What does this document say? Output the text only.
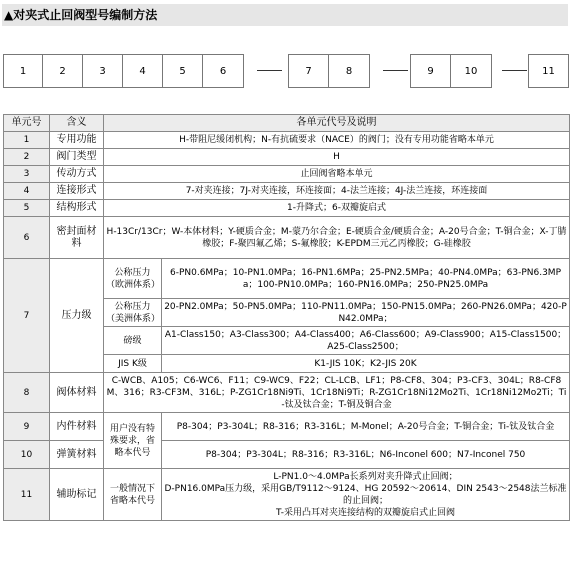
▲对夹式止回阀型号编制方法
1	2	3	4	5	6	7	8	9	10	11
单元号	含义	各单元代号及说明	
1	专用功能	H-带阻尼缓闭机构；N-有抗硫要求（NACE）的阀门；没有专用功能省略本单元	
2	阀门类型	H	
3	传动方式	止回阀省略本单元	
4	连接形式	7-对夹连接；7J-对夹连接，环连接面；4-法兰连接；4J-法兰连接，环连接面	
5	结构形式	1-升降式；6-双瓣旋启式	
6	密封面材料	H-13Cr/13Cr；W-本体材料；Y-硬质合金；M-蒙乃尔合金；E-硬质合金/硬质合金；A-20号合金；T-铜合金；X-丁腈橡胶；F-聚四氟乙烯；S-氟橡胶；K-EPDM三元乙丙橡胶；G-硅橡胶	
7	压力级	公称压力（欧洲体系）	6-PN0.6MPa；10-PN1.0MPa；16-PN1.6MPa；25-PN2.5MPa；40-PN4.0MPa；63-PN6.3MPa；100-PN10.0MPa；160-PN16.0MPa；250-PN25.0MPa
		公称压力（美洲体系）	20-PN2.0MPa；50-PN5.0MPa；110-PN11.0MPa；150-PN15.0MPa；260-PN26.0MPa；420-PN42.0MPa；
		磅级	A1-Class150；A3-Class300；A4-Class400；A6-Class600；A9-Class900；A15-Class1500；A25-Class2500；
		JIS K级	K1-JIS 10K；K2-JIS 20K
8	阀体材料	C-WCB、A105；C6-WC6、F11；C9-WC9、F22；CL-LCB、LF1；P8-CF8、304；P3-CF3、304L；R8-CF8M、316；R3-CF3M、316L；P-ZG1Cr18Ni9Ti、1Cr18Ni9Ti；R-ZG1Cr18Ni12Mo2Ti、1Cr18Ni12Mo2Ti；Ti-钛及钛合金；T-铜及铜合金	
9	内件材料	用户没有特殊要求，省略本代号	P8-304；P3-304L；R8-316；R3-316L；M-Monel；A-20号合金；T-铜合金；Ti-钛及钛合金
10	弹簧材料		P8-304；P3-304L；R8-316；R3-316L；N6-Inconel 600；N7-Inconel 750
11	辅助标记	一般情况下省略本代号	L-PN1.0～4.0MPa长系列对夹升降式止回阀；
D-PN16.0MPa压力级，采用GB/T9112～9124、HG 20592～20614、DIN 2543～2548法兰标准的止回阀；
T-采用凸耳对夹连接结构的双瓣旋启式止回阀
